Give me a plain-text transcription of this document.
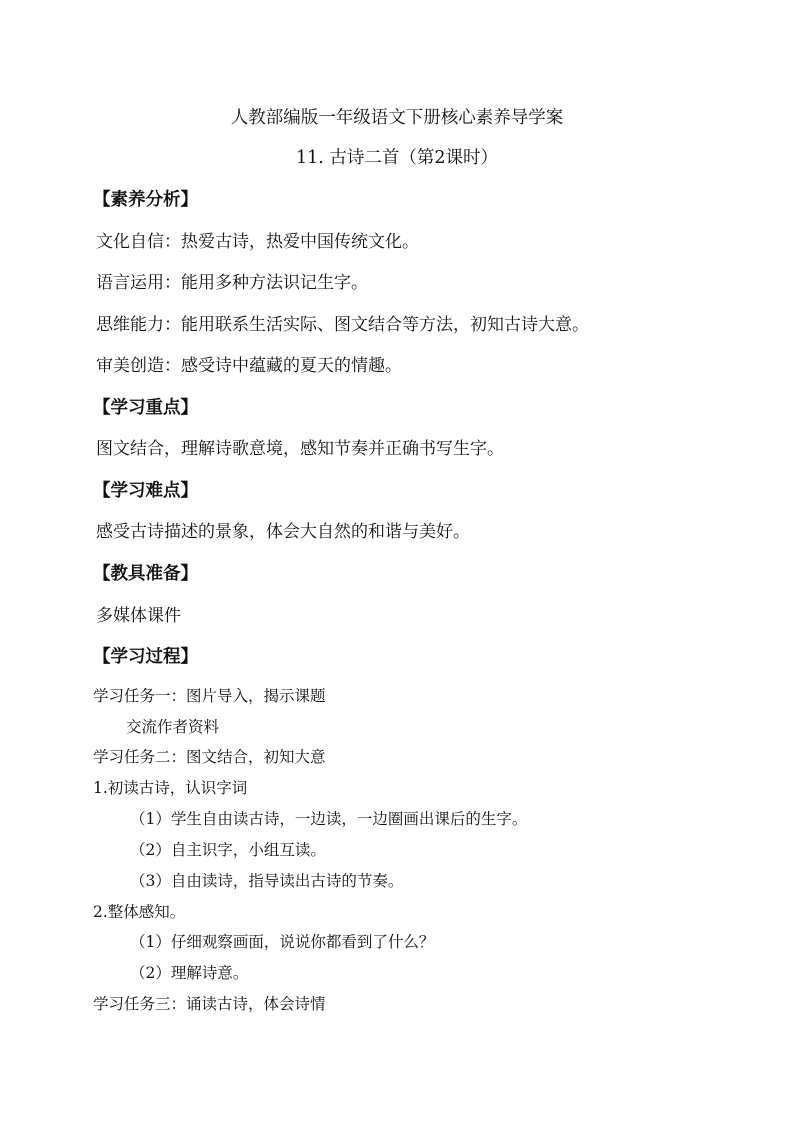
人教部编版一年级语文下册核心素养导学案
11. 古诗二首（第2课时）
【素养分析】
文化自信：热爱古诗，热爱中国传统文化。
语言运用：能用多种方法识记生字。
思维能力：能用联系生活实际、图文结合等方法，初知古诗大意。
审美创造：感受诗中蕴藏的夏天的情趣。
【学习重点】
图文结合，理解诗歌意境，感知节奏并正确书写生字。
【学习难点】
感受古诗描述的景象，体会大自然的和谐与美好。
【教具准备】
多媒体课件
【学习过程】
学习任务一：图片导入，揭示课题
交流作者资料
学习任务二：图文结合，初知大意
1.初读古诗，认识字词
（1）学生自由读古诗，一边读，一边圈画出课后的生字。
（2）自主识字，小组互读。
（3）自由读诗，指导读出古诗的节奏。
2.整体感知。
（1）仔细观察画面，说说你都看到了什么？
（2）理解诗意。
学习任务三：诵读古诗，体会诗情
